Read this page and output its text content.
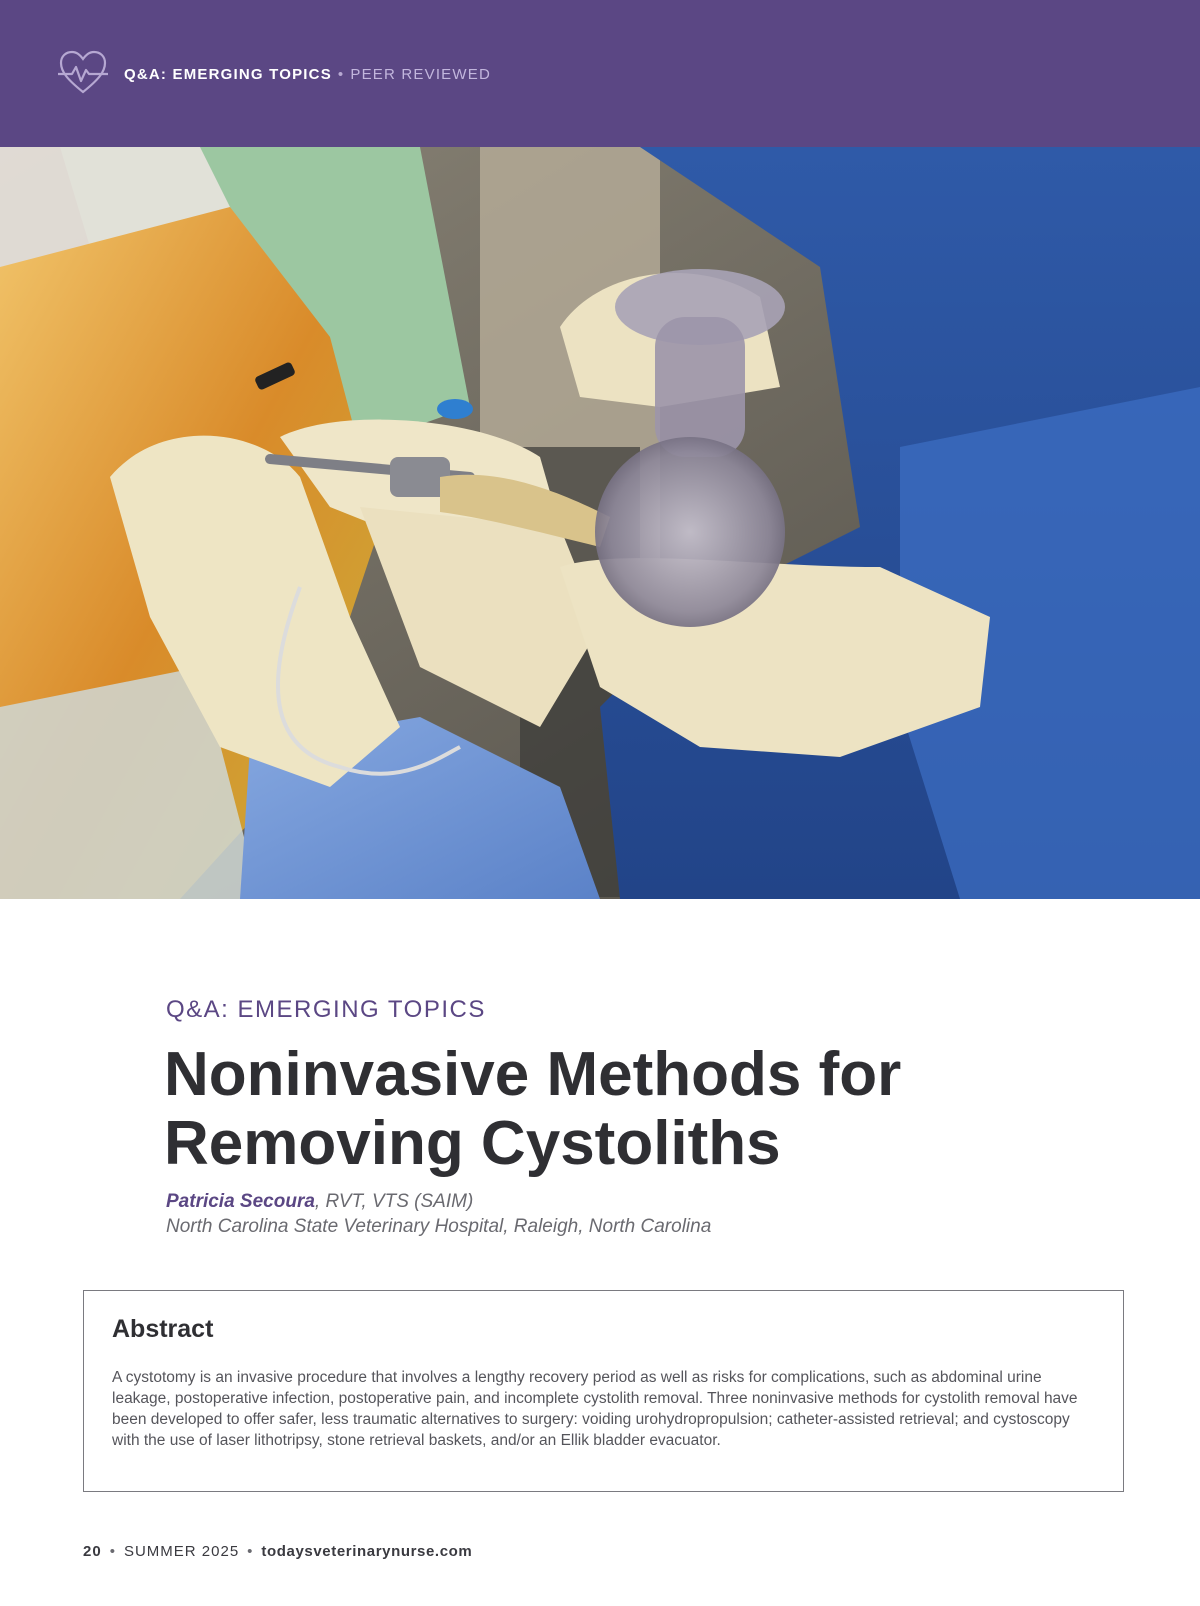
Q&A: EMERGING TOPICS • PEER REVIEWED
Q&A: EMERGING TOPICS
Noninvasive Methods for Removing Cystoliths
Patricia Secoura, RVT, VTS (SAIM)
North Carolina State Veterinary Hospital, Raleigh, North Carolina
Abstract
A cystotomy is an invasive procedure that involves a lengthy recovery period as well as risks for complications, such as abdominal urine leakage, postoperative infection, postoperative pain, and incomplete cystolith removal. Three noninvasive methods for cystolith removal have been developed to offer safer, less traumatic alternatives to surgery: voiding urohydropropulsion; catheter-assisted retrieval; and cystoscopy with the use of laser lithotripsy, stone retrieval baskets, and/or an Ellik bladder evacuator.
20 • SUMMER 2025 • todaysveterinarynurse.com
